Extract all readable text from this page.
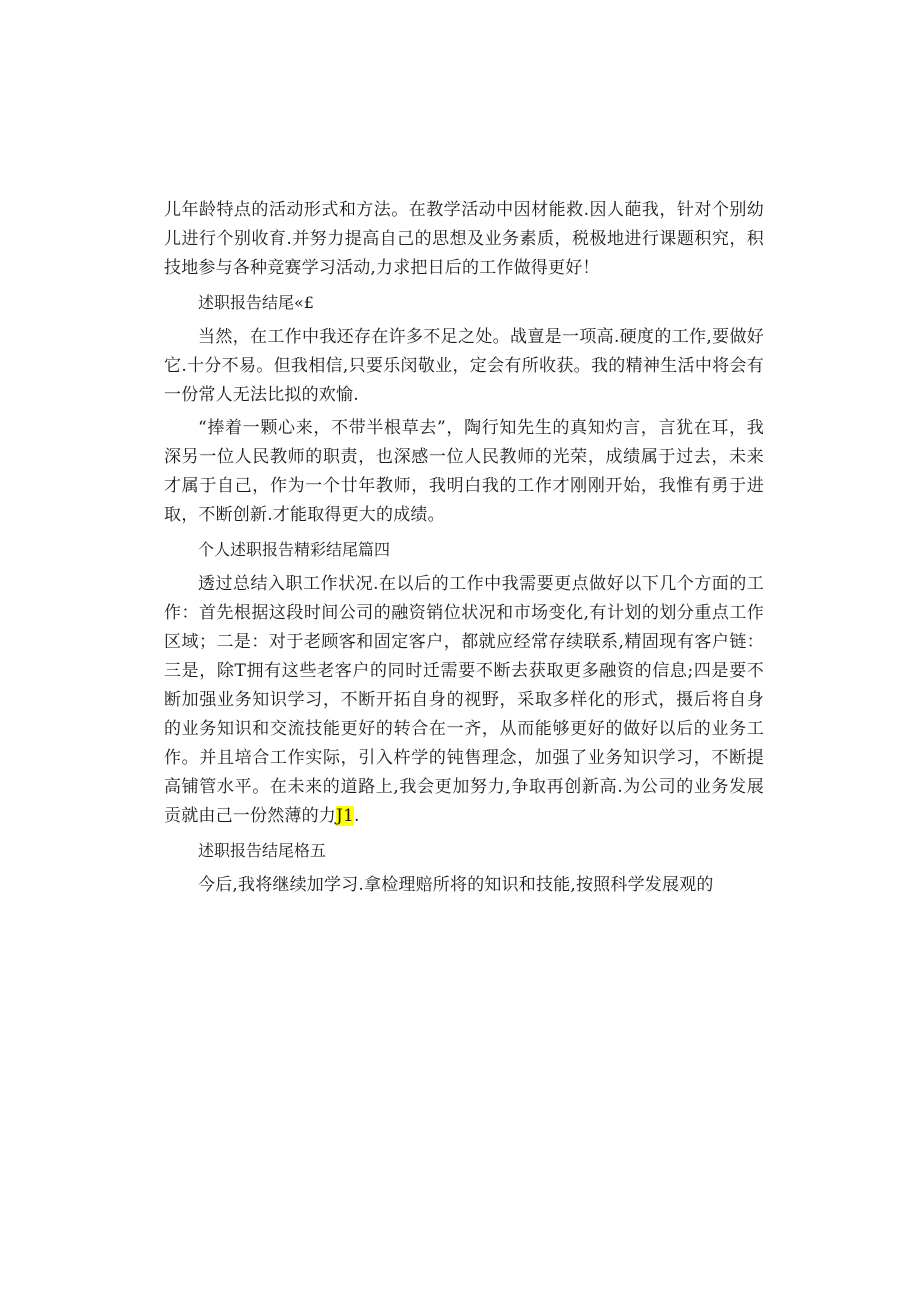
儿年龄特点的活动形式和方法。在教学活动中因材能救.因人葩我，针对个别幼儿进行个别收育.并努力提高自己的思想及业务素质，税极地进行课题积究，积技地参与各种竞赛学习活动,力求把日后的工作做得更好！

述职报告结尾«£

当然，在工作中我还存在许多不足之处。战亶是一项高.硬度的工作,要做好它.十分不易。但我相信,只要乐闵敬业，定会有所收获。我的精神生活中将会有一份常人无法比拟的欢愉.

“捧着一颗心来，不带半根草去”，陶行知先生的真知灼言，言犹在耳，我深另一位人民教师的职责，也深感一位人民教师的光荣，成绩属于过去，未来才属于自己，作为一个廿年教师，我明白我的工作才刚刚开始，我惟有勇于进取，不断创新.才能取得更大的成绩。

个人述职报告精彩结尾篇四

透过总结入职工作状况.在以后的工作中我需要更点做好以下几个方面的工作：首先根据这段时间公司的融资销位状况和市场变化,有计划的划分重点工作区域；二是：对于老顾客和固定客户，都就应经常存续联系,精固现有客户链：三是，除T拥有这些老客户的同时迁需要不断去获取更多融资的信息;四是要不断加强业务知识学习，不断开拓自身的视野，采取多样化的形式，摄后将自身的业务知识和交流技能更好的转合在一齐，从而能够更好的做好以后的业务工作。并且培合工作实际，引入杵学的钝售理念，加强了业务知识学习，不断提高铺管水平。在未来的道路上,我会更加努力,争取再创新高.为公司的业务发展贡就由己一份然薄的力J1.

述职报告结尾格五

今后,我将继续加学习.拿检理赔所将的知识和技能,按照科学发展观的
